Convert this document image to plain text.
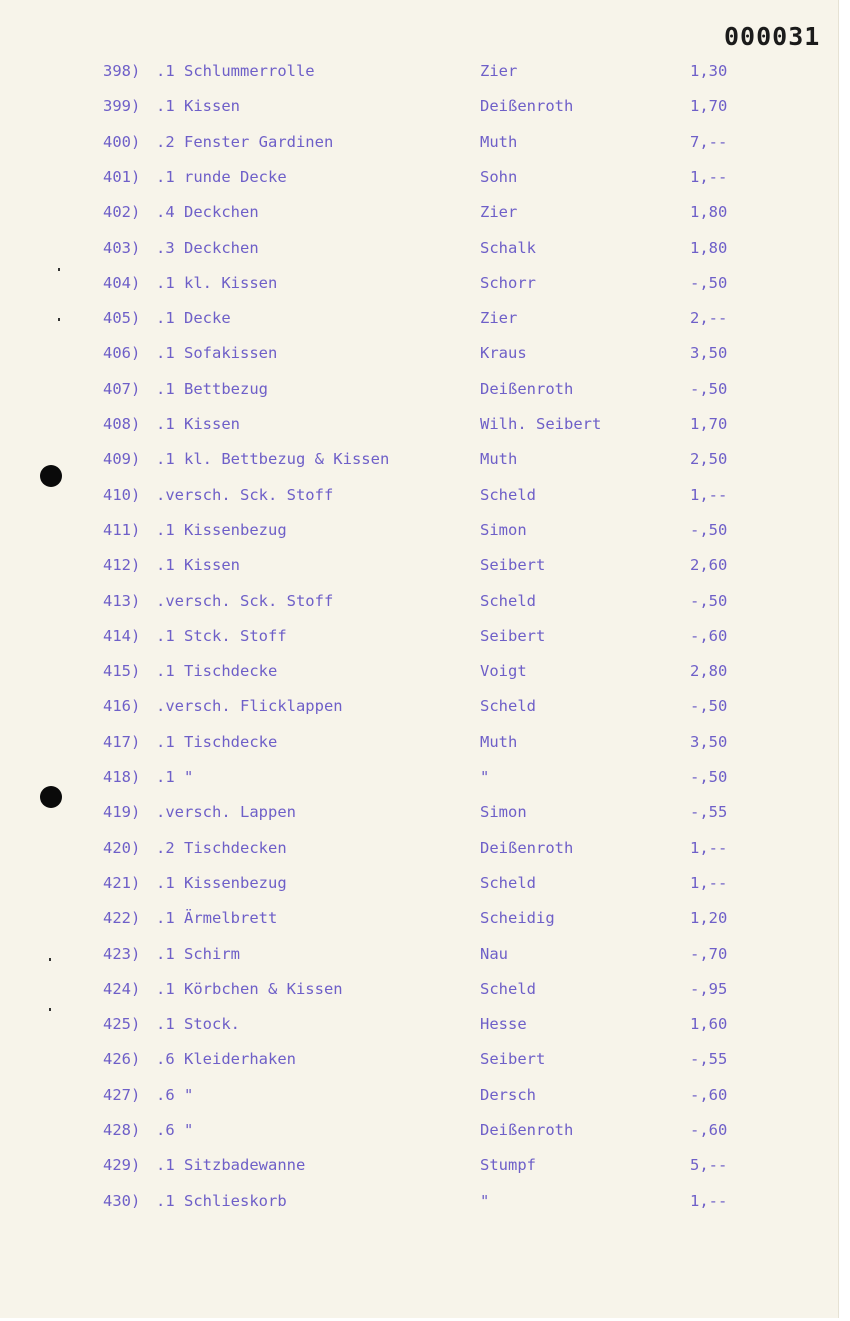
000031
398) .1 Schlummerrolle	Zier	1,30
399) .1 Kissen	Deißenroth	1,70
400) .2 Fenster Gardinen	Muth	7,--
401) .1 runde Decke	Sohn	1,--
402) .4 Deckchen	Zier	1,80
403) .3 Deckchen	Schalk	1,80
404) .1 kl. Kissen	Schorr	-,50
405) .1 Decke	Zier	2,--
406) .1 Sofakissen	Kraus	3,50
407) .1 Bettbezug	Deißenroth	-,50
408) .1 Kissen	Wilh. Seibert	1,70
409) .1 kl. Bettbezug & Kissen	Muth	2,50
410) .versch. Sck. Stoff	Scheld	1,--
411) .1 Kissenbezug	Simon	-,50
412) .1 Kissen	Seibert	2,60
413) .versch. Sck. Stoff	Scheld	-,50
414) .1 Stck. Stoff	Seibert	-,60
415) .1 Tischdecke	Voigt	2,80
416) .versch. Flicklappen	Scheld	-,50
417) .1 Tischdecke	Muth	3,50
418) .1 "	"	-,50
419) .versch. Lappen	Simon	-,55
420) .2 Tischdecken	Deißenroth	1,--
421) .1 Kissenbezug	Scheld	1,--
422) .1 Ärmelbrett	Scheidig	1,20
423) .1 Schirm	Nau	-,70
424) .1 Körbchen & Kissen	Scheld	-,95
425) .1 Stock.	Hesse	1,60
426) .6 Kleiderhaken	Seibert	-,55
427) .6 "	Dersch	-,60
428) .6 "	Deißenroth	-,60
429) .1 Sitzbadewanne	Stumpf	5,--
430) .1 Schlieskorb	"	1,--
